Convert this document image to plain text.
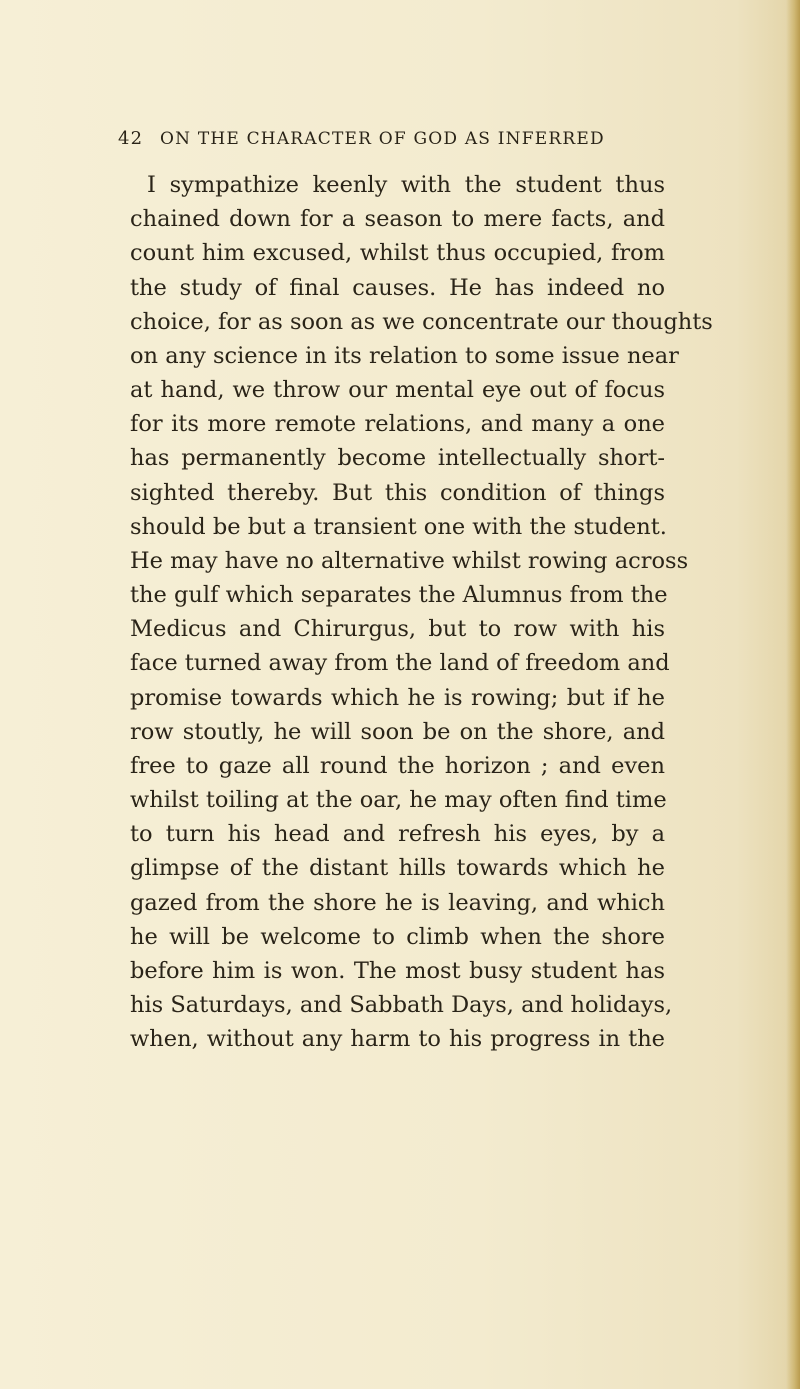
42 ON THE CHARACTER OF GOD AS INFERRED
I sympathize keenly with the student thus
chained down for a season to mere facts, and
count him excused, whilst thus occupied, from
the study of final causes. He has indeed no
choice, for as soon as we concentrate our thoughts
on any science in its relation to some issue near
at hand, we throw our mental eye out of focus
for its more remote relations, and many a one
has permanently become intellectually short-
sighted thereby. But this condition of things
should be but a transient one with the student.
He may have no alternative whilst rowing across
the gulf which separates the Alumnus from the
Medicus and Chirurgus, but to row with his
face turned away from the land of freedom and
promise towards which he is rowing; but if he
row stoutly, he will soon be on the shore, and
free to gaze all round the horizon ; and even
whilst toiling at the oar, he may often find time
to turn his head and refresh his eyes, by a
glimpse of the distant hills towards which he
gazed from the shore he is leaving, and which
he will be welcome to climb when the shore
before him is won. The most busy student has
his Saturdays, and Sabbath Days, and holidays,
when, without any harm to his progress in the
